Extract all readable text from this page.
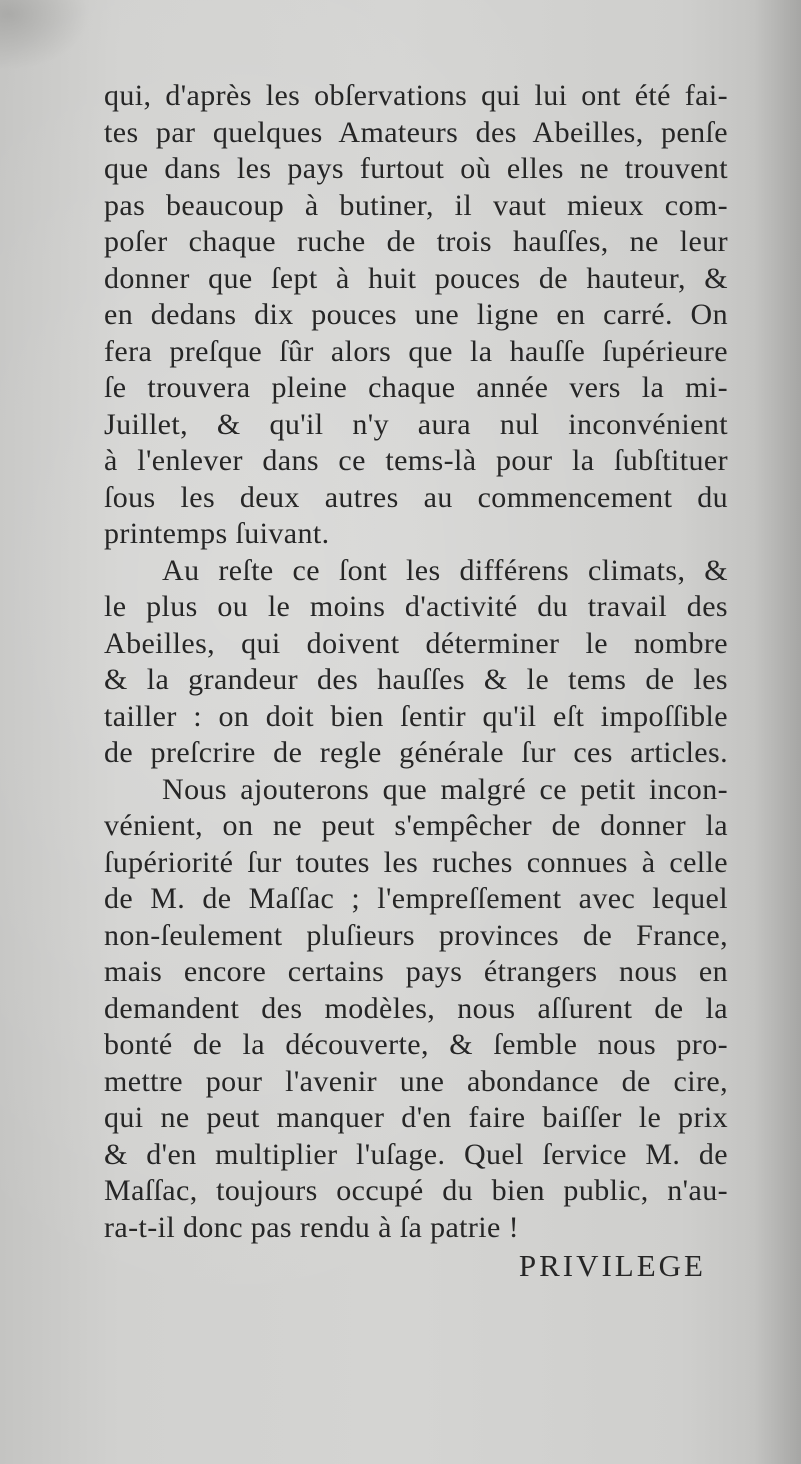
qui, d'après les obſervations qui lui ont été fai-
tes par quelques Amateurs des Abeilles, penſe
que dans les pays furtout où elles ne trouvent
pas beaucoup à butiner, il vaut mieux com-
poſer chaque ruche de trois hauſſes, ne leur
donner que ſept à huit pouces de hauteur, &
en dedans dix pouces une ligne en carré. On
fera preſque ſûr alors que la hauſſe ſupérieure
ſe trouvera pleine chaque année vers la mi-
Juillet, & qu'il n'y aura nul inconvénient
à l'enlever dans ce tems-là pour la ſubſtituer
ſous les deux autres au commencement du
printemps ſuivant.
Au reſte ce ſont les différens climats, &
le plus ou le moins d'activité du travail des
Abeilles, qui doivent déterminer le nombre
& la grandeur des hauſſes & le tems de les
tailler : on doit bien ſentir qu'il eſt impoſſible
de preſcrire de regle générale ſur ces articles.
Nous ajouterons que malgré ce petit incon-
vénient, on ne peut s'empêcher de donner la
ſupériorité ſur toutes les ruches connues à celle
de M. de Maſſac ; l'empreſſement avec lequel
non-ſeulement pluſieurs provinces de France,
mais encore certains pays étrangers nous en
demandent des modèles, nous aſſurent de la
bonté de la découverte, & ſemble nous pro-
mettre pour l'avenir une abondance de cire,
qui ne peut manquer d'en faire baiſſer le prix
& d'en multiplier l'uſage. Quel ſervice M. de
Maſſac, toujours occupé du bien public, n'au-
ra-t-il donc pas rendu à ſa patrie !
PRIVILEGE
